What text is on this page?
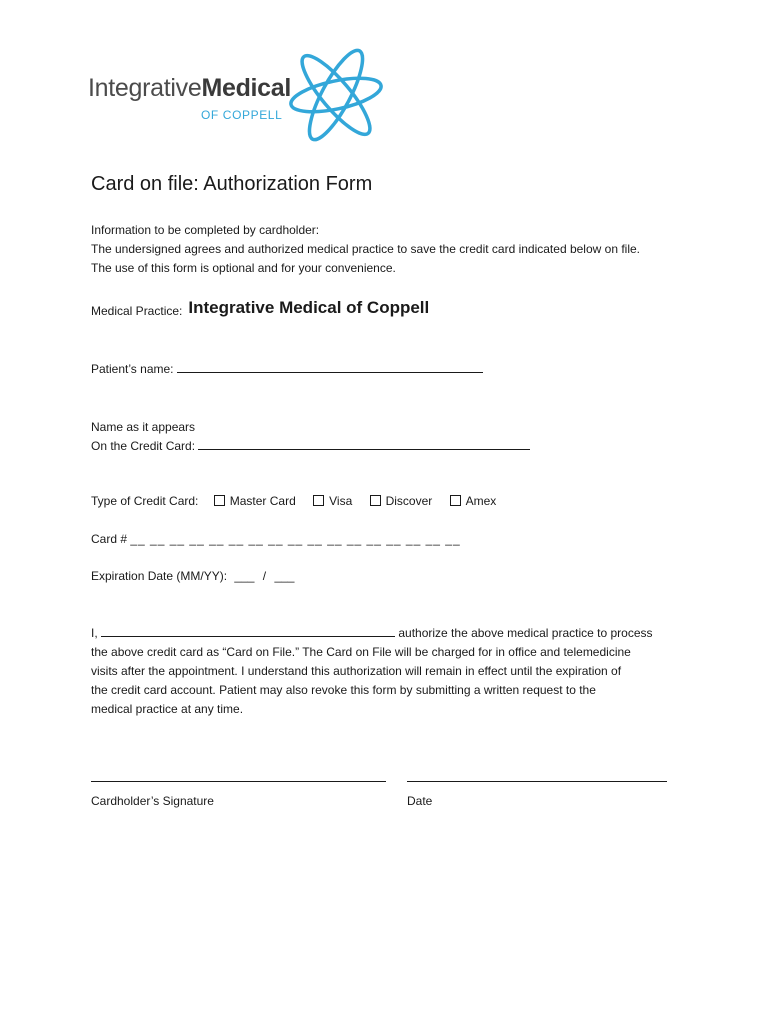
IntegrativeMedical
OF COPPELL
Card on file: Authorization Form
Information to be completed by cardholder:
The undersigned agrees and authorized medical practice to save the credit card indicated below on file.
The use of this form is optional and for your convenience.
Medical Practice: Integrative Medical of Coppell
Patient’s name:
Name as it appears
On the Credit Card:
Type of Credit Card:	Master Card	Visa	Discover	Amex
Card # __ __ __ __ __ __ __ __ __ __ __ __ __ __ __ __ __
Expiration Date (MM/YY): ___ / ___
I,	authorize the above medical practice to process
the above credit card as “Card on File.” The Card on File will be charged for in office and telemedicine
visits after the appointment. I understand this authorization will remain in effect until the expiration of
the credit card account. Patient may also revoke this form by submitting a written request to the
medical practice at any time.
Cardholder’s Signature	Date
